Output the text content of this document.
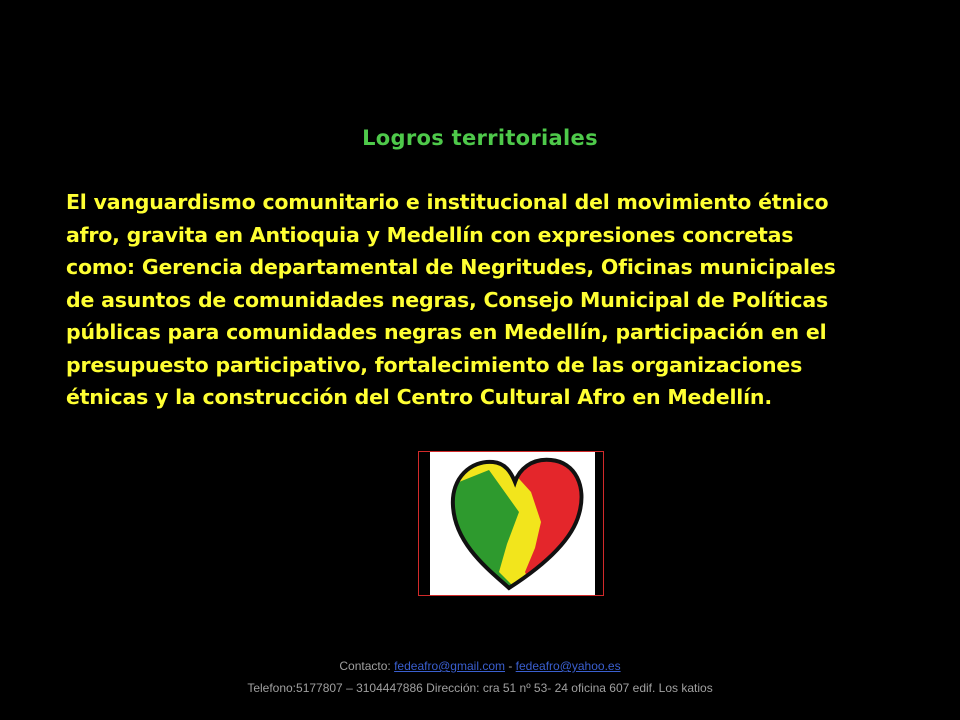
Logros territoriales
El vanguardismo comunitario e institucional del movimiento étnico
afro, gravita en Antioquia y Medellín con expresiones concretas
como: Gerencia departamental de Negritudes, Oficinas municipales
de asuntos de comunidades negras, Consejo Municipal de Políticas
públicas para comunidades negras en Medellín, participación en el
presupuesto participativo, fortalecimiento de las organizaciones
étnicas y la construcción del Centro Cultural Afro en Medellín.
Contacto: fedeafro@gmail.com - fedeafro@yahoo.es
Telefono:5177807 – 3104447886 Dirección: cra 51 nº 53- 24 oficina 607 edif. Los katios
